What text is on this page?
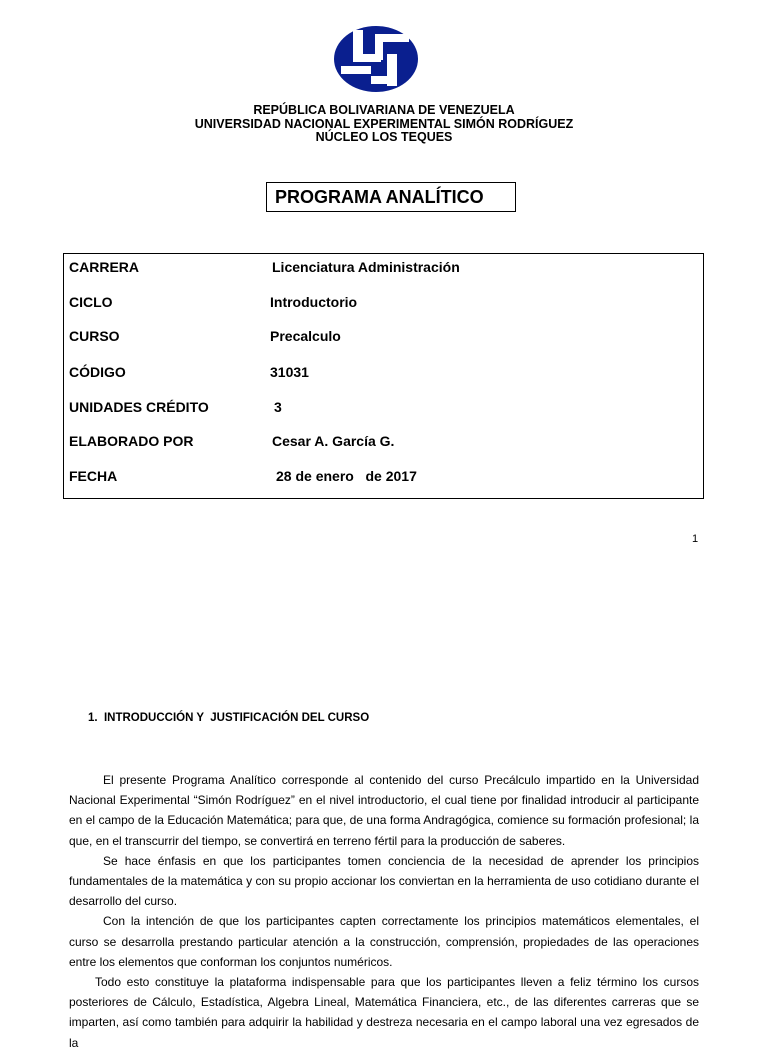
REPÚBLICA BOLIVARIANA DE VENEZUELA
UNIVERSIDAD NACIONAL EXPERIMENTAL SIMÓN RODRÍGUEZ
NÚCLEO LOS TEQUES
PROGRAMA ANALÍTICO
CARRERA	Licenciatura Administración
CICLO	Introductorio
CURSO	Precalculo
CÓDIGO	31031
UNIDADES CRÉDITO	3
ELABORADO POR	Cesar A. García G.
FECHA	28 de enero   de 2017
1
1.  INTRODUCCIÓN Y  JUSTIFICACIÓN DEL CURSO

El presente Programa Analítico corresponde al contenido del curso Precálculo impartido en la Universidad Nacional Experimental “Simón Rodríguez” en el nivel introductorio, el cual tiene por finalidad introducir al participante en el campo de la Educación Matemática; para que, de una forma Andragógica, comience su formación profesional; la que, en el transcurrir del tiempo, se convertirá en terreno fértil para la producción de saberes.

Se hace énfasis en que los participantes tomen conciencia de la necesidad de aprender los principios fundamentales de la matemática y con su propio accionar los conviertan en la herramienta de uso cotidiano durante el desarrollo del curso.

Con la intención de que los participantes capten correctamente los principios matemáticos elementales, el curso se desarrolla prestando particular atención a la construcción, comprensión, propiedades de las operaciones entre los elementos que conforman los conjuntos numéricos.

Todo esto constituye la plataforma indispensable para que los participantes lleven a feliz término los cursos posteriores de Cálculo, Estadística, Algebra Lineal, Matemática Financiera, etc., de las diferentes carreras que se imparten, así como también para adquirir la habilidad y destreza necesaria en el campo laboral una vez egresados de la
